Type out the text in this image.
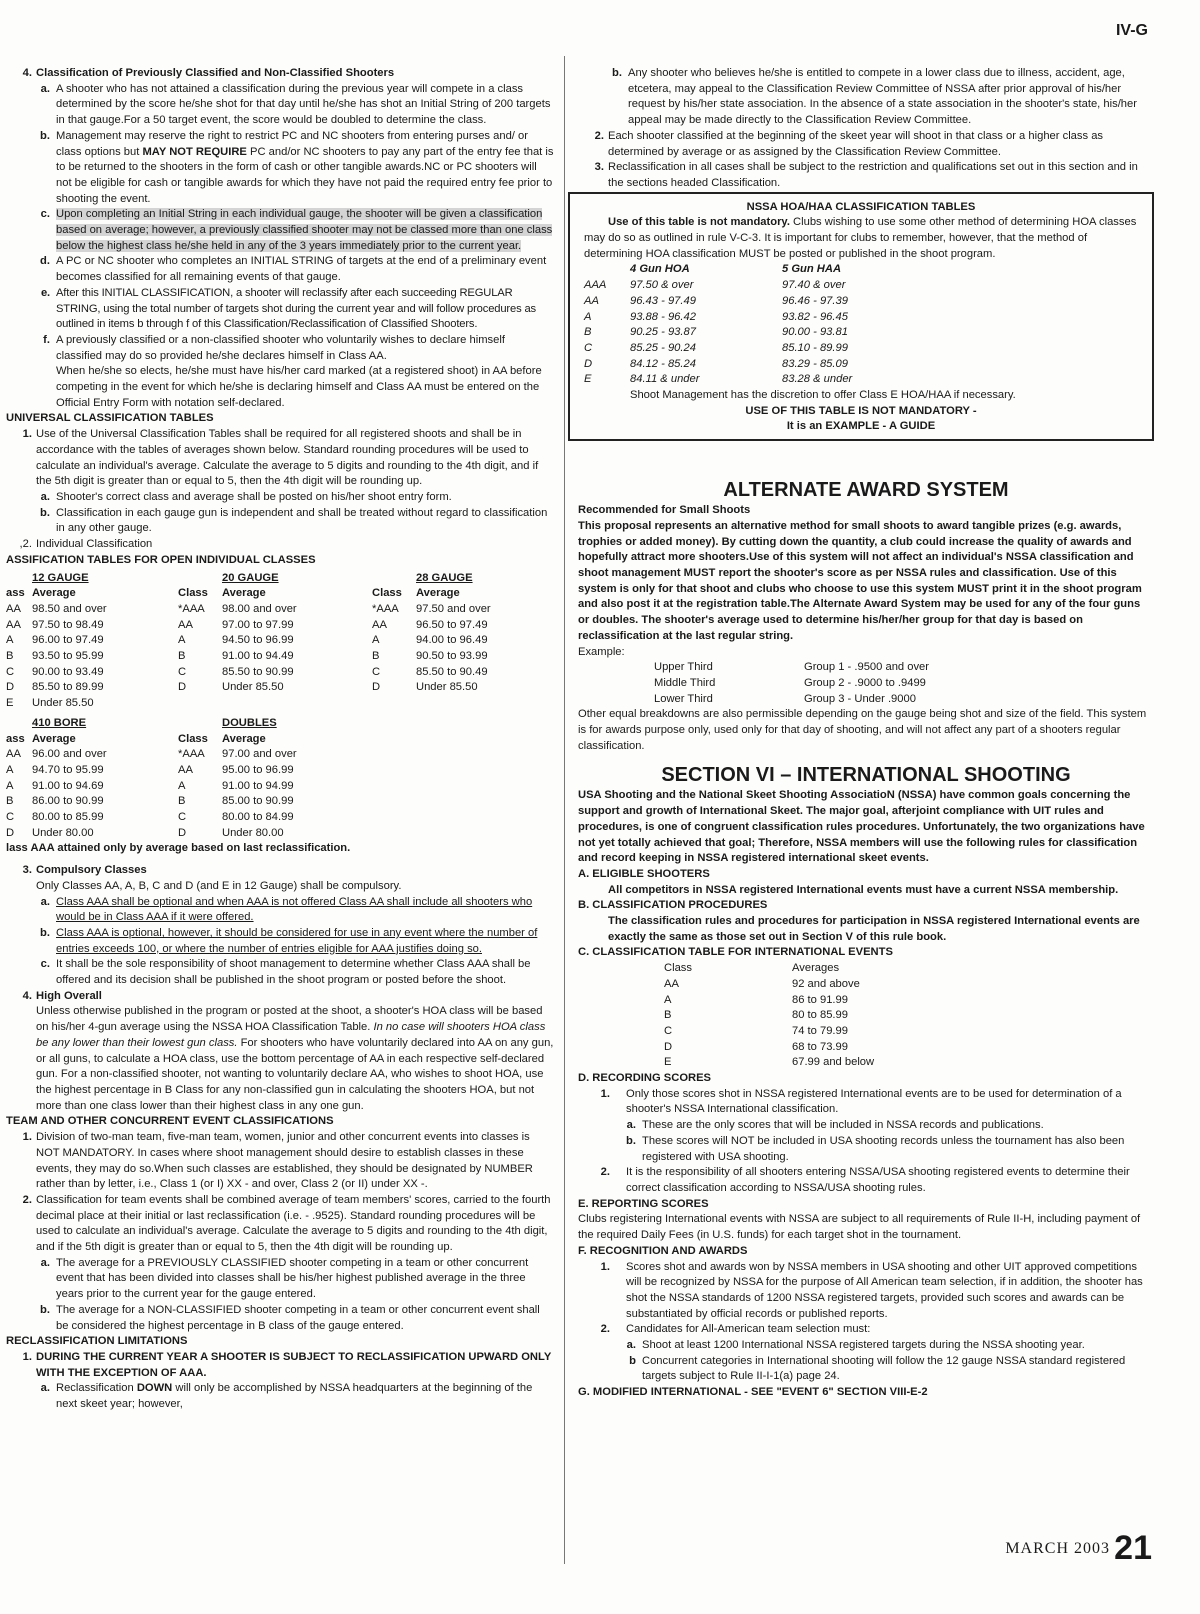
IV-G
4. Classification of Previously Classified and Non-Classified Shooters
a. A shooter who has not attained a classification during the previous year will compete in a class determined by the score he/she shot for that day until he/she has shot an Initial String of 200 targets in that gauge.For a 50 target event, the score would be doubled to determine the class.
b. Management may reserve the right to restrict PC and NC shooters from entering purses and/ or class options but MAY NOT REQUIRE PC and/or NC shooters to pay any part of the entry fee that is to be returned to the shooters in the form of cash or other tangible awards.NC or PC shooters will not be eligible for cash or tangible awards for which they have not paid the required entry fee prior to shooting the event.
c. Upon completing an Initial String in each individual gauge, the shooter will be given a classification based on average; however, a previously classified shooter may not be classed more than one class below the highest class he/she held in any of the 3 years immediately prior to the current year.
d. A PC or NC shooter who completes an INITIAL STRING of targets at the end of a preliminary event becomes classified for all remaining events of that gauge.
e. After this INITIAL CLASSIFICATION, a shooter will reclassify after each succeeding REGULAR STRING, using the total number of targets shot during the current year and will follow procedures as outlined in items b through f of this Classification/Reclassification of Classified Shooters.
f. A previously classified or a non-classified shooter who voluntarily wishes to declare himself classified may do so provided he/she declares himself in Class AA.
When he/she so elects, he/she must have his/her card marked (at a registered shoot) in AA before competing in the event for which he/she is declaring himself and Class AA must be entered on the Official Entry Form with notation self-declared.

UNIVERSAL CLASSIFICATION TABLES

1. Use of the Universal Classification Tables shall be required for all registered shoots and shall be in accordance with the tables of averages shown below. Standard rounding procedures will be used to calculate an individual's average. Calculate the average to 5 digits and rounding to the 4th digit, and if the 5th digit is greater than or equal to 5, then the 4th digit will be rounding up.
a. Shooter's correct class and average shall be posted on his/her shoot entry form.
b. Classification in each gauge gun is independent and shall be treated without regard to classification in any other gauge.
,2. Individual Classification

ASSIFICATION TABLES FOR OPEN INDIVIDUAL CLASSES

	12 GAUGE
ass	Average
AA	98.50 and over
AA	97.50 to 98.49
A	96.00 to 97.49
B	93.50 to 95.99
C	90.00 to 93.49
D	85.50 to 89.99
E	Under 85.50

	20 GAUGE
Class	Average
*AAA	98.00 and over
AA	97.00 to 97.99
A	94.50 to 96.99
B	91.00 to 94.49
C	85.50 to 90.99
D	Under 85.50

	28 GAUGE
Class	Average
*AAA	97.50 and over
AA	96.50 to 97.49
A	94.00 to 96.49
B	90.50 to 93.99
C	85.50 to 90.49
D	Under 85.50
	410 BORE
ass	Average
AA	96.00 and over
A	94.70 to 95.99
A	91.00 to 94.69
B	86.00 to 90.99
C	80.00 to 85.99
D	Under 80.00

	DOUBLES
Class	Average
*AAA	97.00 and over
AA	95.00 to 96.99
A	91.00 to 94.99
B	85.00 to 90.99
C	80.00 to 84.99
D	Under 80.00

lass AAA attained only by average based on last reclassification.

3. Compulsory Classes

Only Classes AA, A, B, C and D (and E in 12 Gauge) shall be compulsory.

a. Class AAA shall be optional and when AAA is not offered Class AA shall include all shooters who would be in Class AAA if it were offered.
b. Class AAA is optional, however, it should be considered for use in any event where the number of entries exceeds 100, or where the number of entries eligible for AAA justifies doing so.
c. It shall be the sole responsibility of shoot management to determine whether Class AAA shall be offered and its decision shall be published in the shoot program or posted before the shoot.
4. High Overall

Unless otherwise published in the program or posted at the shoot, a shooter's HOA class will be based on his/her 4-gun average using the NSSA HOA Classification Table. In no case will shooters HOA class be any lower than their lowest gun class. For shooters who have voluntarily declared into AA on any gun, or all guns, to calculate a HOA class, use the bottom percentage of AA in each respective self-declared gun. For a non-classified shooter, not wanting to voluntarily declare AA, who wishes to shoot HOA, use the highest percentage in B Class for any non-classified gun in calculating the shooters HOA, but not more than one class lower than their highest class in any one gun.

TEAM AND OTHER CONCURRENT EVENT CLASSIFICATIONS

1. Division of two-man team, five-man team, women, junior and other concurrent events into classes is NOT MANDATORY. In cases where shoot management should desire to establish classes in these events, they may do so.When such classes are established, they should be designated by NUMBER rather than by letter, i.e., Class 1 (or I) XX - and over, Class 2 (or II) under XX -.
2. Classification for team events shall be combined average of team members' scores, carried to the fourth decimal place at their initial or last reclassification (i.e. - .9525). Standard rounding procedures will be used to calculate an individual's average. Calculate the average to 5 digits and rounding to the 4th digit, and if the 5th digit is greater than or equal to 5, then the 4th digit will be rounding up.
a. The average for a PREVIOUSLY CLASSIFIED shooter competing in a team or other concurrent event that has been divided into classes shall be his/her highest published average in the three years prior to the current year for the gauge entered.
b. The average for a NON-CLASSIFIED shooter competing in a team or other concurrent event shall be considered the highest percentage in B class of the gauge entered.

RECLASSIFICATION LIMITATIONS

1. DURING THE CURRENT YEAR A SHOOTER IS SUBJECT TO RECLASSIFICATION UPWARD ONLY WITH THE EXCEPTION OF AAA.
a. Reclassification DOWN will only be accomplished by NSSA headquarters at the beginning of the next skeet year; however,
b. Any shooter who believes he/she is entitled to compete in a lower class due to illness, accident, age, etcetera, may appeal to the Classification Review Committee of NSSA after prior approval of his/her request by his/her state association. In the absence of a state association in the shooter's state, his/her appeal may be made directly to the Classification Review Committee.
2. Each shooter classified at the beginning of the skeet year will shoot in that class or a higher class as determined by average or as assigned by the Classification Review Committee.
3. Reclassification in all cases shall be subject to the restriction and qualifications set out in this section and in the sections headed Classification.
NSSA HOA/HAA CLASSIFICATION TABLES

Use of this table is not mandatory. Clubs wishing to use some other method of determining HOA classes may do so as outlined in rule V-C-3. It is important for clubs to remember, however, that the method of determining HOA classification MUST be posted or published in the shoot program.

	4 Gun HOA	5 Gun HAA
AAA	97.50 & over	97.40 & over
AA	96.43 - 97.49	96.46 - 97.39
A	93.88 - 96.42	93.82 - 96.45
B	90.25 - 93.87	90.00 - 93.81
C	85.25 - 90.24	85.10 - 89.99
D	84.12 - 85.24	83.29 - 85.09
E	84.11 & under	83.28 & under

Shoot Management has the discretion to offer Class E HOA/HAA if necessary.

USE OF THIS TABLE IS NOT MANDATORY -
It is an EXAMPLE - A GUIDE
ALTERNATE AWARD SYSTEM

Recommended for Small Shoots

This proposal represents an alternative method for small shoots to award tangible prizes (e.g. awards, trophies or added money). By cutting down the quantity, a club could increase the quality of awards and hopefully attract more shooters.Use of this system will not affect an individual's NSSA classification and shoot management MUST report the shooter's score as per NSSA rules and classification. Use of this system is only for that shoot and clubs who choose to use this system MUST print it in the shoot program and also post it at the registration table.The Alternate Award System may be used for any of the four guns or doubles. The shooter's average used to determine his/her/her group for that day is based on reclassification at the last regular string.

Example:

Upper Third	Group 1 - .9500 and over
Middle Third	Group 2 - .9000 to .9499
Lower Third	Group 3 - Under .9000

Other equal breakdowns are also permissible depending on the gauge being shot and size of the field. This system is for awards purpose only, used only for that day of shooting, and will not affect any part of a shooters regular classification.

SECTION VI – INTERNATIONAL SHOOTING

USA Shooting and the National Skeet Shooting AssociatioN (NSSA) have common goals concerning the support and growth of International Skeet. The major goal, afterjoint compliance with UIT rules and procedures, is one of congruent classification rules procedures. Unfortunately, the two organizations have not yet totally achieved that goal; Therefore, NSSA members will use the following rules for classification and record keeping in NSSA registered international skeet events.

A. ELIGIBLE SHOOTERS

All competitors in NSSA registered International events must have a current NSSA membership.

B. CLASSIFICATION PROCEDURES

The classification rules and procedures for participation in NSSA registered International events are exactly the same as those set out in Section V of this rule book.

C. CLASSIFICATION TABLE FOR INTERNATIONAL EVENTS

Class	Averages
AA	92 and above
A	86 to 91.99
B	80 to 85.99
C	74 to 79.99
D	68 to 73.99
E	67.99 and below

D. RECORDING SCORES

1. Only those scores shot in NSSA registered International events are to be used for determination of a shooter's NSSA International classification.
a. These are the only scores that will be included in NSSA records and publications.
b. These scores will NOT be included in USA shooting records unless the tournament has also been registered with USA shooting.
2. It is the responsibility of all shooters entering NSSA/USA shooting registered events to determine their correct classification according to NSSA/USA shooting rules.

E. REPORTING SCORES

Clubs registering International events with NSSA are subject to all requirements of Rule II-H, including payment of the required Daily Fees (in U.S. funds) for each target shot in the tournament.

F. RECOGNITION AND AWARDS

1. Scores shot and awards won by NSSA members in USA shooting and other UIT approved competitions will be recognized by NSSA for the purpose of All American team selection, if in addition, the shooter has shot the NSSA standards of 1200 NSSA registered targets, provided such scores and awards can be substantiated by official records or published reports.
2. Candidates for All-American team selection must:
a. Shoot at least 1200 International NSSA registered targets during the NSSA shooting year.
b Concurrent categories in International shooting will follow the 12 gauge NSSA standard registered targets subject to Rule II-I-1(a) page 24.

G. MODIFIED INTERNATIONAL - SEE "EVENT 6" SECTION VIII-E-2

MARCH 2003 21
